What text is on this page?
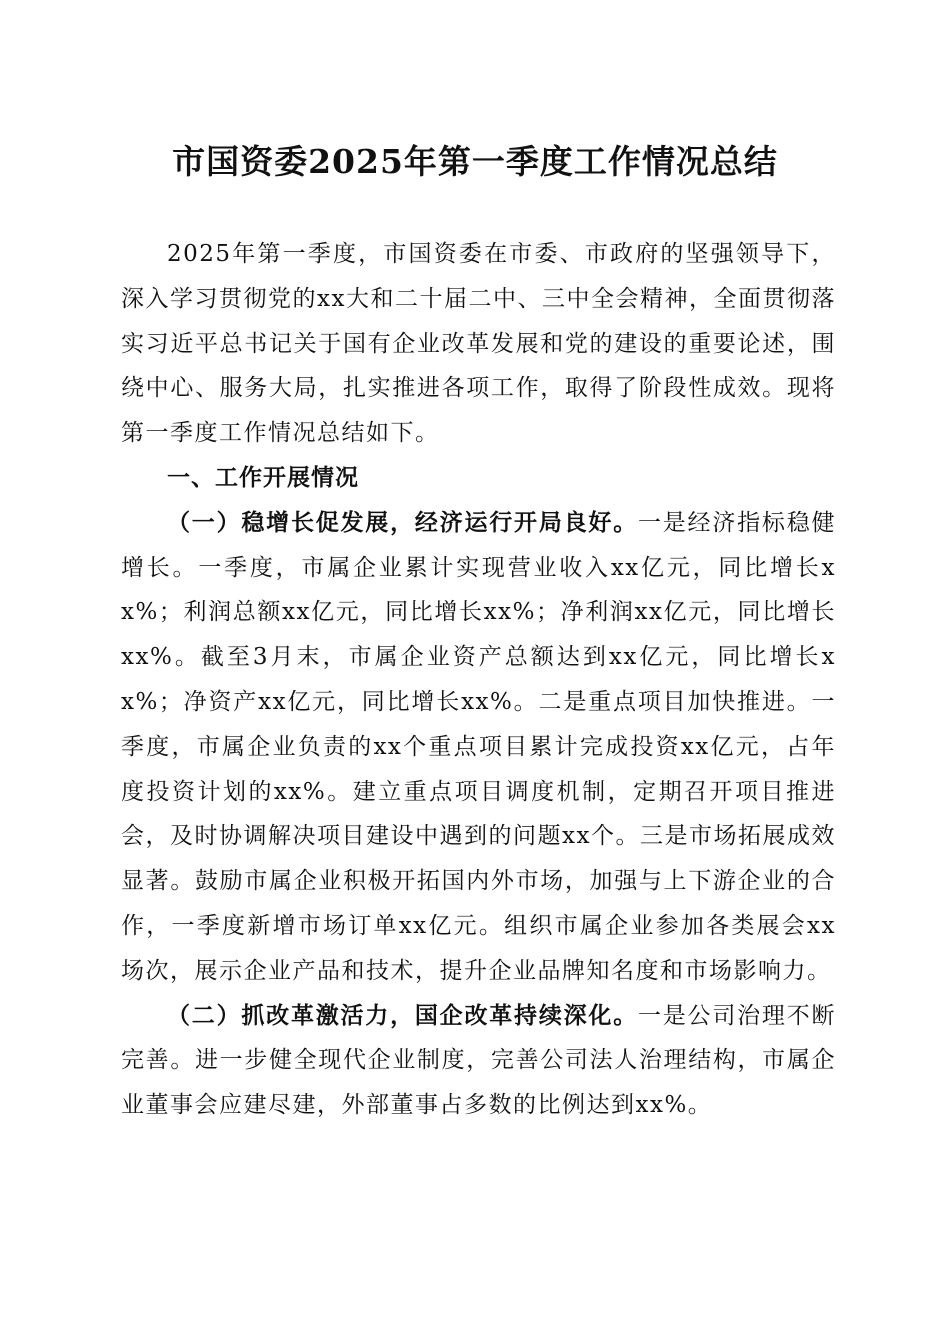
市国资委2025年第一季度工作情况总结

2025年第一季度，市国资委在市委、市政府的坚强领导下，深入学习贯彻党的xx大和二十届二中、三中全会精神，全面贯彻落实习近平总书记关于国有企业改革发展和党的建设的重要论述，围绕中心、服务大局，扎实推进各项工作，取得了阶段性成效。现将第一季度工作情况总结如下。

一、工作开展情况

（一）稳增长促发展，经济运行开局良好。一是经济指标稳健增长。一季度，市属企业累计实现营业收入xx亿元，同比增长xx%；利润总额xx亿元，同比增长xx%；净利润xx亿元，同比增长xx%。截至3月末，市属企业资产总额达到xx亿元，同比增长xx%；净资产xx亿元，同比增长xx%。二是重点项目加快推进。一季度，市属企业负责的xx个重点项目累计完成投资xx亿元，占年度投资计划的xx%。建立重点项目调度机制，定期召开项目推进会，及时协调解决项目建设中遇到的问题xx个。三是市场拓展成效显著。鼓励市属企业积极开拓国内外市场，加强与上下游企业的合作，一季度新增市场订单xx亿元。组织市属企业参加各类展会xx场次，展示企业产品和技术，提升企业品牌知名度和市场影响力。

（二）抓改革激活力，国企改革持续深化。一是公司治理不断完善。进一步健全现代企业制度，完善公司法人治理结构，市属企业董事会应建尽建，外部董事占多数的比例达到xx%。
